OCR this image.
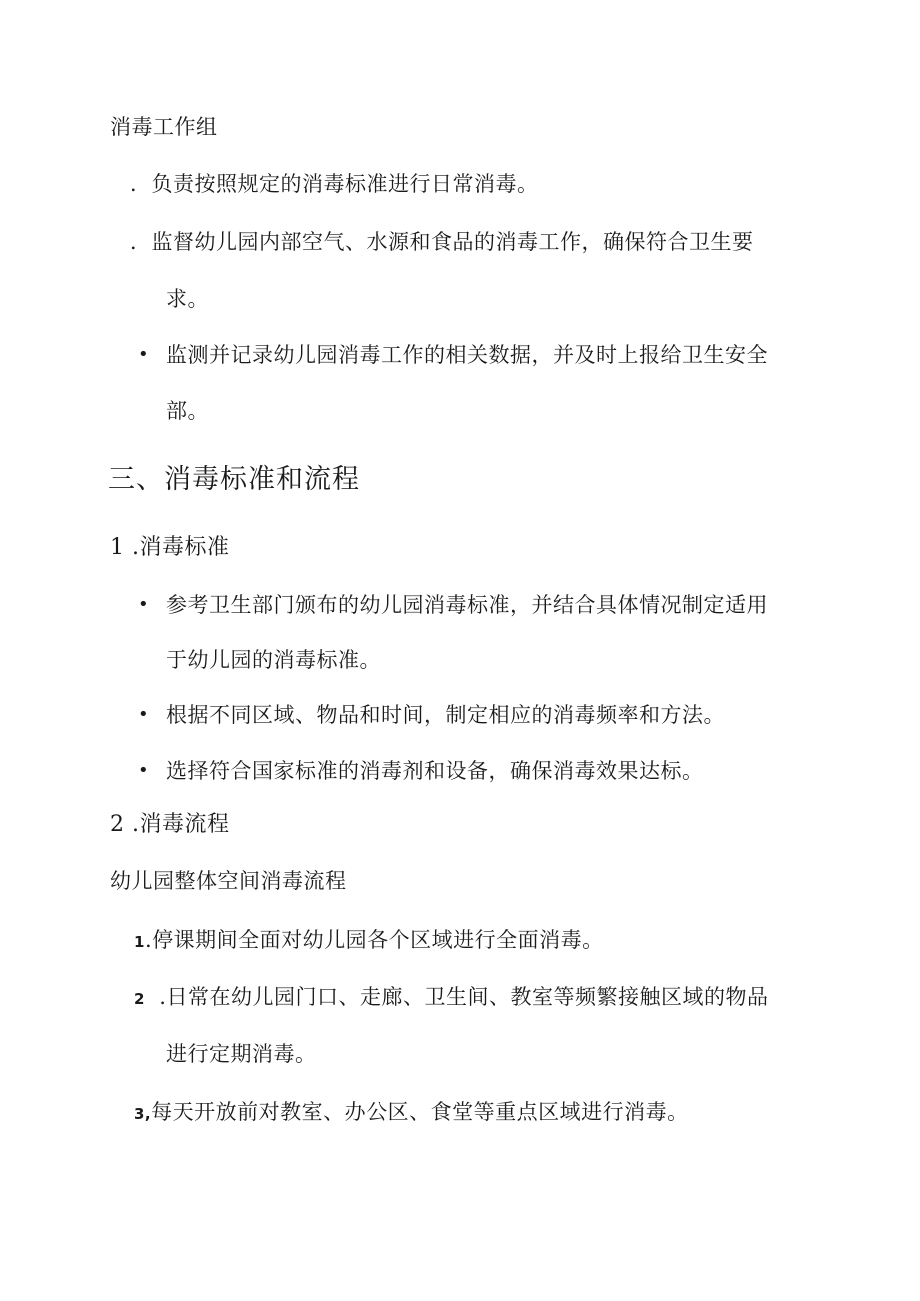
消毒工作组
．负责按照规定的消毒标准进行日常消毒。
．监督幼儿园内部空气、水源和食品的消毒工作，确保符合卫生要
求。
• 监测并记录幼儿园消毒工作的相关数据，并及时上报给卫生安全
部。
三、消毒标准和流程
1 .消毒标准
• 参考卫生部门颁布的幼儿园消毒标准，并结合具体情况制定适用
于幼儿园的消毒标准。
• 根据不同区域、物品和时间，制定相应的消毒频率和方法。
• 选择符合国家标准的消毒剂和设备，确保消毒效果达标。
2 .消毒流程
幼儿园整体空间消毒流程
1.停课期间全面对幼儿园各个区域进行全面消毒。
2 .日常在幼儿园门口、走廊、卫生间、教室等频繁接触区域的物品
进行定期消毒。
3,每天开放前对教室、办公区、食堂等重点区域进行消毒。
